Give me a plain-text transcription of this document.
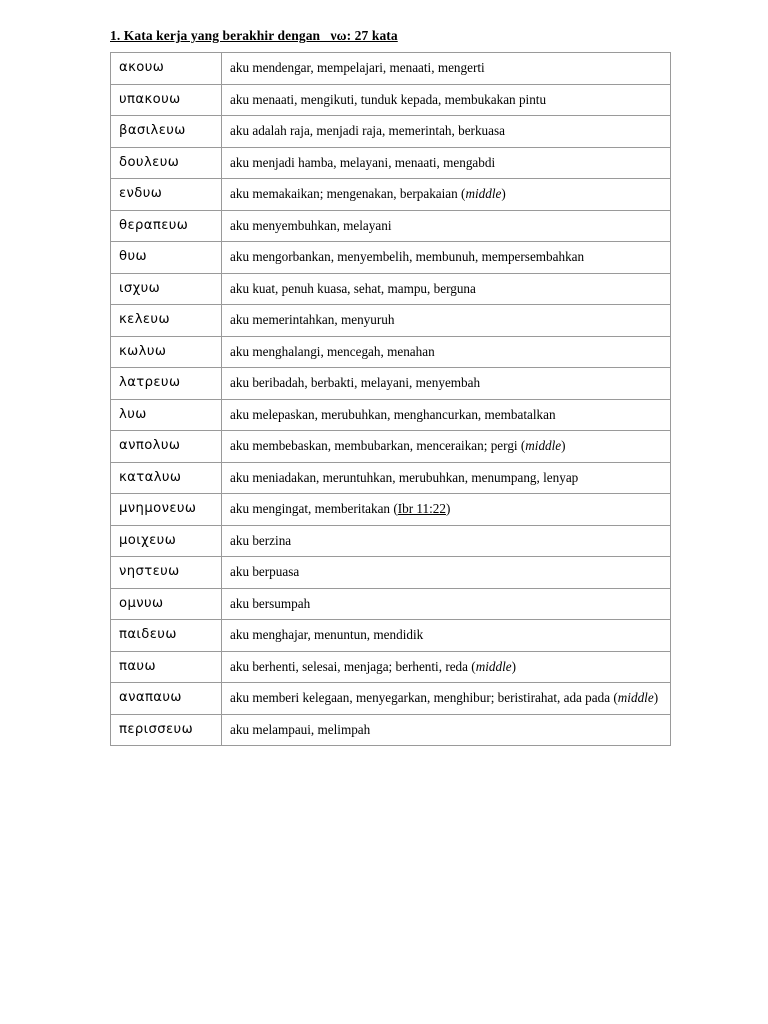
1. Kata kerja yang berakhir dengan _νω: 27 kata
ακουω	aku mendengar, mempelajari, menaati, mengerti
υπακουω	aku menaati, mengikuti, tunduk kepada, membukakan pintu
βασιλευω	aku adalah raja, menjadi raja, memerintah, berkuasa
δουλευω	aku menjadi hamba, melayani, menaati, mengabdi
ενδυω	aku memakaikan; mengenakan, berpakaian (middle)
θεραπευω	aku menyembuhkan, melayani
θυω	aku mengorbankan, menyembelih, membunuh, mempersembahkan
ισχυω	aku kuat, penuh kuasa, sehat, mampu, berguna
κελευω	aku memerintahkan, menyuruh
κωλυω	aku menghalangi, mencegah, menahan
λατρευω	aku beribadah, berbakti, melayani, menyembah
λυω	aku melepaskan, merubuhkan, menghancurkan, membatalkan
ανπολυω	aku membebaskan, membubarkan, menceraikan; pergi (middle)
καταλυω	aku meniadakan, meruntuhkan, merubuhkan, menumpang, lenyap
μνημονευω	aku mengingat, memberitakan (Ibr 11:22)
μοιχευω	aku berzina
νηστευω	aku berpuasa
ομνυω	aku bersumpah
παιδευω	aku menghajar, menuntun, mendidik
παυω	aku berhenti, selesai, menjaga; berhenti, reda (middle)
αναπαυω	aku memberi kelegaan, menyegarkan, menghibur; beristirahat, ada pada (middle)
περισσευω	aku melampaui, melimpah
